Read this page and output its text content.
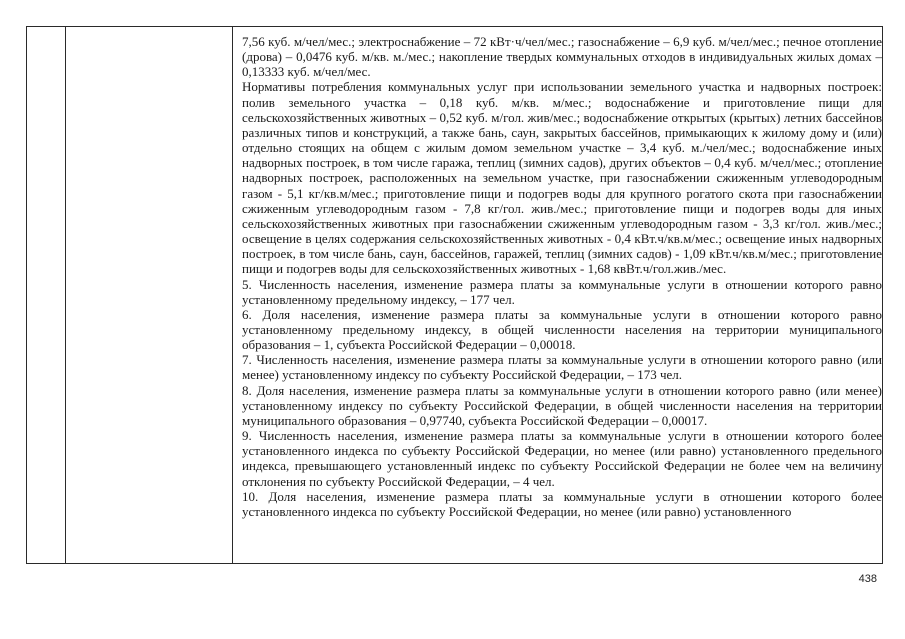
7,56 куб. м/чел/мес.; электроснабжение – 72 кВт·ч/чел/мес.; газоснабжение – 6,9 куб. м/чел/мес.; печное отопление (дрова) – 0,0476 куб. м/кв. м./мес.; накопление твердых коммунальных отходов в индивидуальных жилых домах – 0,13333 куб. м/чел/мес.

Нормативы потребления коммунальных услуг при использовании земельного участка и надворных построек: полив земельного участка – 0,18 куб. м/кв. м/мес.; водоснабжение и приготовление пищи для сельскохозяйственных животных – 0,52 куб. м/гол. жив/мес.; водоснабжение открытых (крытых) летних бассейнов различных типов и конструкций, а также бань, саун, закрытых бассейнов, примыкающих к жилому дому и (или) отдельно стоящих на общем с жилым домом земельном участке – 3,4 куб. м./чел/мес.; водоснабжение иных надворных построек, в том числе гаража, теплиц (зимних садов), других объектов – 0,4 куб. м/чел/мес.; отопление надворных построек, расположенных на земельном участке, при газоснабжении сжиженным углеводородным газом - 5,1 кг/кв.м/мес.; приготовление пищи и подогрев воды для крупного рогатого скота при газоснабжении сжиженным углеводородным газом - 7,8 кг/гол. жив./мес.; приготовление пищи и подогрев воды для иных сельскохозяйственных животных при газоснабжении сжиженным углеводородным газом - 3,3 кг/гол. жив./мес.; освещение в целях содержания сельскохозяйственных животных - 0,4 кВт.ч/кв.м/мес.; освещение иных надворных построек, в том числе бань, саун, бассейнов, гаражей, теплиц (зимних садов) - 1,09 кВт.ч/кв.м/мес.; приготовление пищи и подогрев воды для сельскохозяйственных животных - 1,68 квВт.ч/гол.жив./мес.

5. Численность населения, изменение размера платы за коммунальные услуги в отношении которого равно установленному предельному индексу, – 177 чел.

6. Доля населения, изменение размера платы за коммунальные услуги в отношении которого равно установленному предельному индексу, в общей численности населения на территории муниципального образования – 1, субъекта Российской Федерации – 0,00018.

7. Численность населения, изменение размера платы за коммунальные услуги в отношении которого равно (или менее) установленному индексу по субъекту Российской Федерации, – 173 чел.

8. Доля населения, изменение размера платы за коммунальные услуги в отношении которого равно (или менее) установленному индексу по субъекту Российской Федерации, в общей численности населения на территории муниципального образования – 0,97740, субъекта Российской Федерации – 0,00017.

9. Численность населения, изменение размера платы за коммунальные услуги в отношении которого более установленного индекса по субъекту Российской Федерации, но менее (или равно) установленного предельного индекса, превышающего установленный индекс по субъекту Российской Федерации не более чем на величину отклонения по субъекту Российской Федерации, – 4 чел.

10. Доля населения, изменение размера платы за коммунальные услуги в отношении которого более установленного индекса по субъекту Российской Федерации, но менее (или равно) установленного

438
